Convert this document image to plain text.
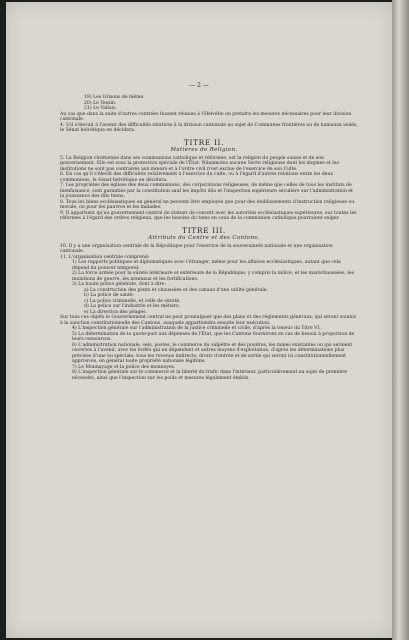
— 2 —

19) Les Grisons de même.

20) Le Tessin.

21) Le Vallais.

Au cas que dans la suite d'autres contrées fussent réunies à l'Helvétie on prendra les mesures nécessaires pour leur division cantonale.

4. S'il s'élevait à l'avenir des difficultés relatives à la division cantonale au sujet de Communes frontières ou de hameaux isolés, le Sénat helvétique en décidera.

TITRE II.

Matières de Religion.

5. La Religion chrétienne dans ses communions catholique et réformée, est la religion du peuple suisse et de son gouvernement. Elle est sous la protection spéciale de l'État. Néanmoins aucune Secte religieuse dont les dogmes et les institutions ne sont pas contraires aux mœurs et à l'ordre civil n'est exclue de l'exercice de son Culte.

6. En cas qu'il s'élevât des difficultés relativement à l'exercice du culte, ou à l'égard d'autres relations entre les deux communions, le Sénat helvétique en décidera.

7. Les propriétés des églises des deux communions, des corporations religieuses, de même que celles de tous les instituts de bienfaisance, sont garanties par la constitution sauf les impôts dûs et l'inspection supérieure séculière sur l'administration et la jouissance des dits biens.

8. Tous les biens ecclésiastiques en général ne peuvent être employés que pour des établissements d'instruction religieuse ou morale, ou pour les pauvres et les malades.

9. Il appartient qu'au gouvernement central de statuer de concert avec les autorités ecclésiastiques supérieures, sur toutes les réformes à l'égard des ordres religieux, que les besoins du tems en ceux de la communion catholique pourraient exiger.

TITRE III.

Attributs du Centre et des Cantons.

10. Il y a une organisation centrale de la République pour l'exercice de la souveraineté nationale et une organisation cantonale.

11. L'organisation centrale comprend:

1) Les rapports politiques et diplomatiques avec l'étranger, même pour les affaires ecclésiastiques, autant que cela dépend du pouvoir temporel.

2) La force armée pour la sûreté intérieure et extérieure de la République, y compris la milice, et les maréchaussées, les munitions de guerre, les arsenaux et les fortifications.

3) La haute police générale, dont à dire:

a) La construction des ponts et chaussées et des canaux d'une utilité générale.

b) La police de santé.

c) La police criminelle, et celle de sûreté.

d) La police sur l'industrie et les métiers.

e) La direction des péages.

Sur tous ces objets le Gouvernement central ne peut promulguer que des plans et des règlements généraux, qui seront soumis à la sanction constitutionnelle des Cantons, auxquels appartiendra ensuite leur exécution.

4) L'inspection générale sur l'administration de la justice criminelle et civile, d'après la teneur du Titre VI.

5) La détermination de la quote-part aux dépenses de l'État, que les Cantons fourniront en cas de besoin à proportion de leurs ressources.

6) L'administration nationale, sels, postes, le commerce du salpêtre et des poudres, les mines existantes ou qui seraient ouvertes à l'avenir, avec les forêts qui en dépendent et autres moyens d'exploitation, d'après les déterminations plus précises d'une loi spéciale; tous les revenus indirects, droits d'entrée et de sortie qui seront ici constitutionnellement approuvés, en général toute propriété nationale légitime.

7) Le Monnayage et la police des monnoyes.

8) L'inspection générale sur le commerce et la liberté du trafic dans l'intérieur, particulièrement au sujet de première nécessité, ainsi que l'inspection sur les poids et mesures légalement établis.
